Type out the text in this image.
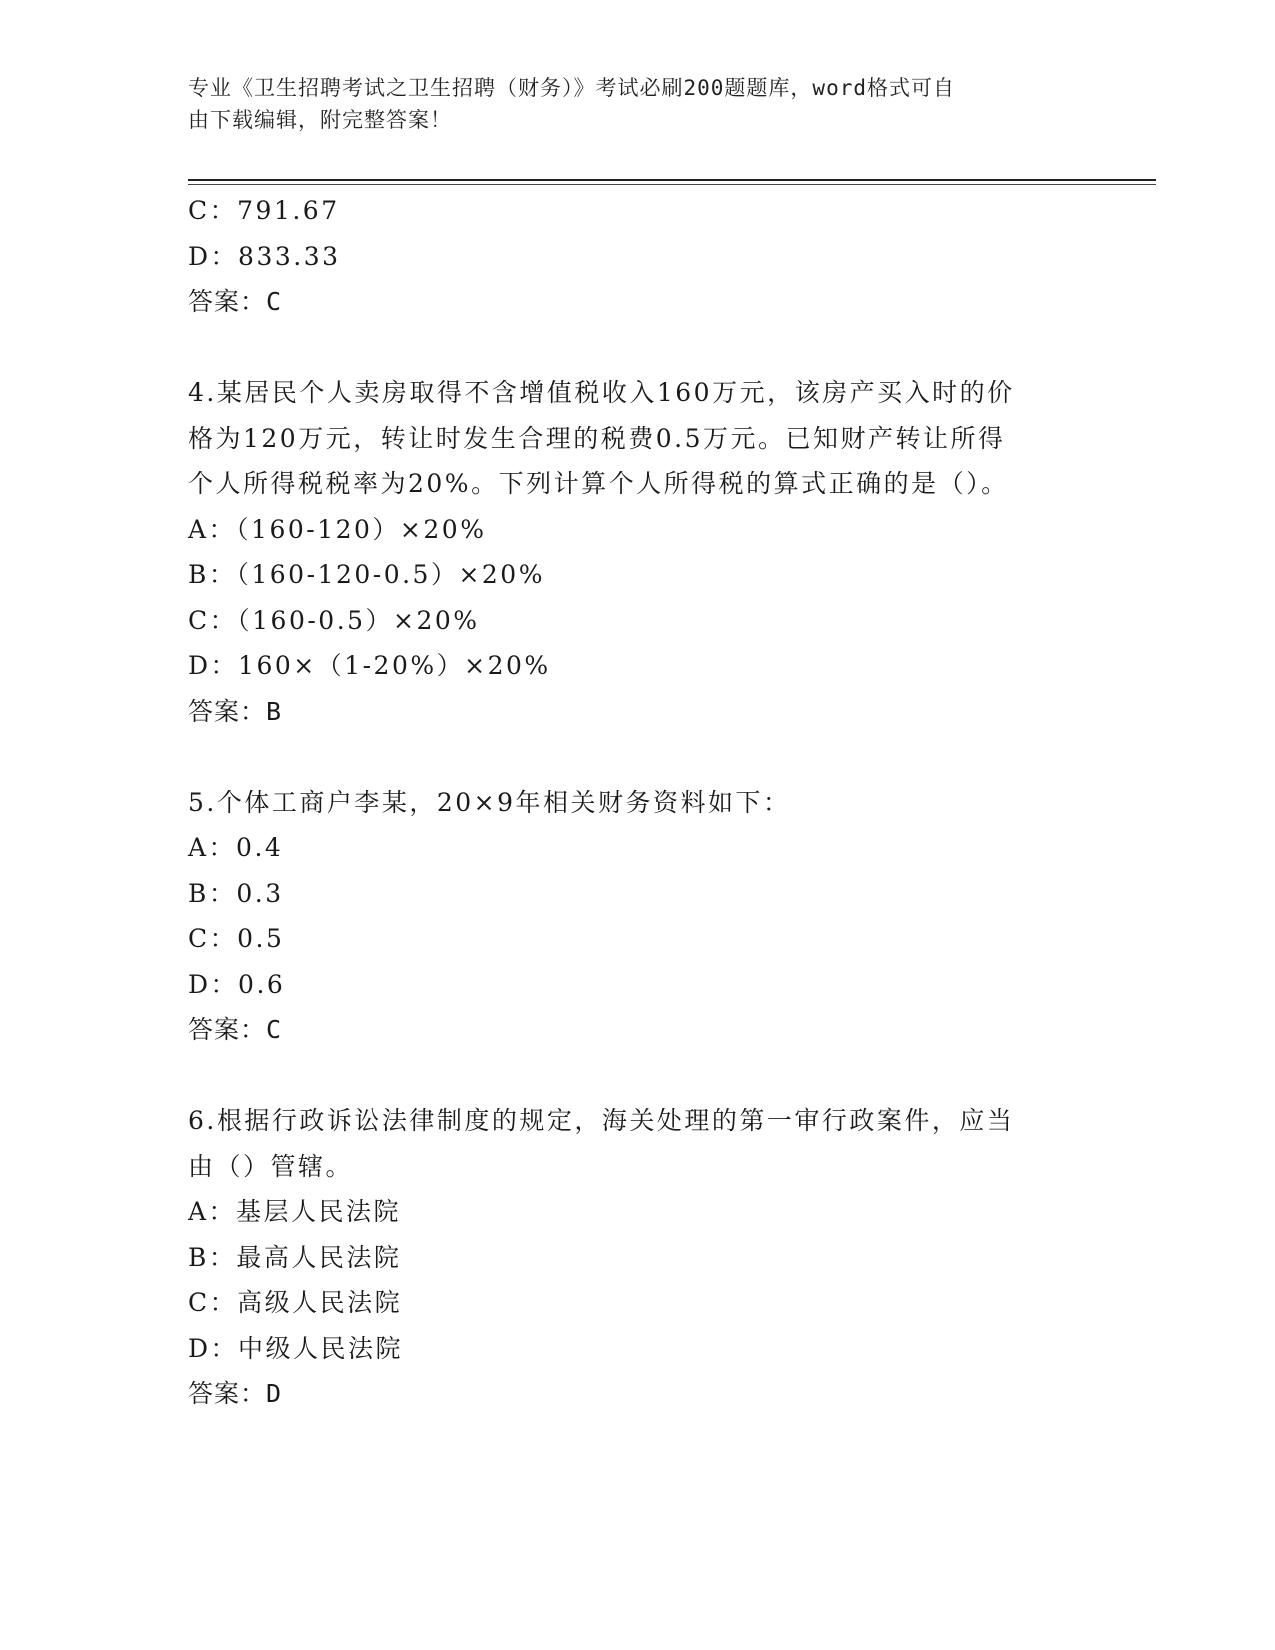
专业《卫生招聘考试之卫生招聘（财务）》考试必刷200题题库，word格式可自
由下载编辑，附完整答案！
C：791.67
D：833.33
答案：C
4.某居民个人卖房取得不含增值税收入160万元，该房产买入时的价
格为120万元，转让时发生合理的税费0.5万元。已知财产转让所得
个人所得税税率为20%。下列计算个人所得税的算式正确的是（）。
A：（160-120）×20%
B：（160-120-0.5）×20%
C：（160-0.5）×20%
D：160×（1-20%）×20%
答案：B
5.个体工商户李某，20×9年相关财务资料如下：
A：0.4
B：0.3
C：0.5
D：0.6
答案：C
6.根据行政诉讼法律制度的规定，海关处理的第一审行政案件，应当
由（）管辖。
A：基层人民法院
B：最高人民法院
C：高级人民法院
D：中级人民法院
答案：D
